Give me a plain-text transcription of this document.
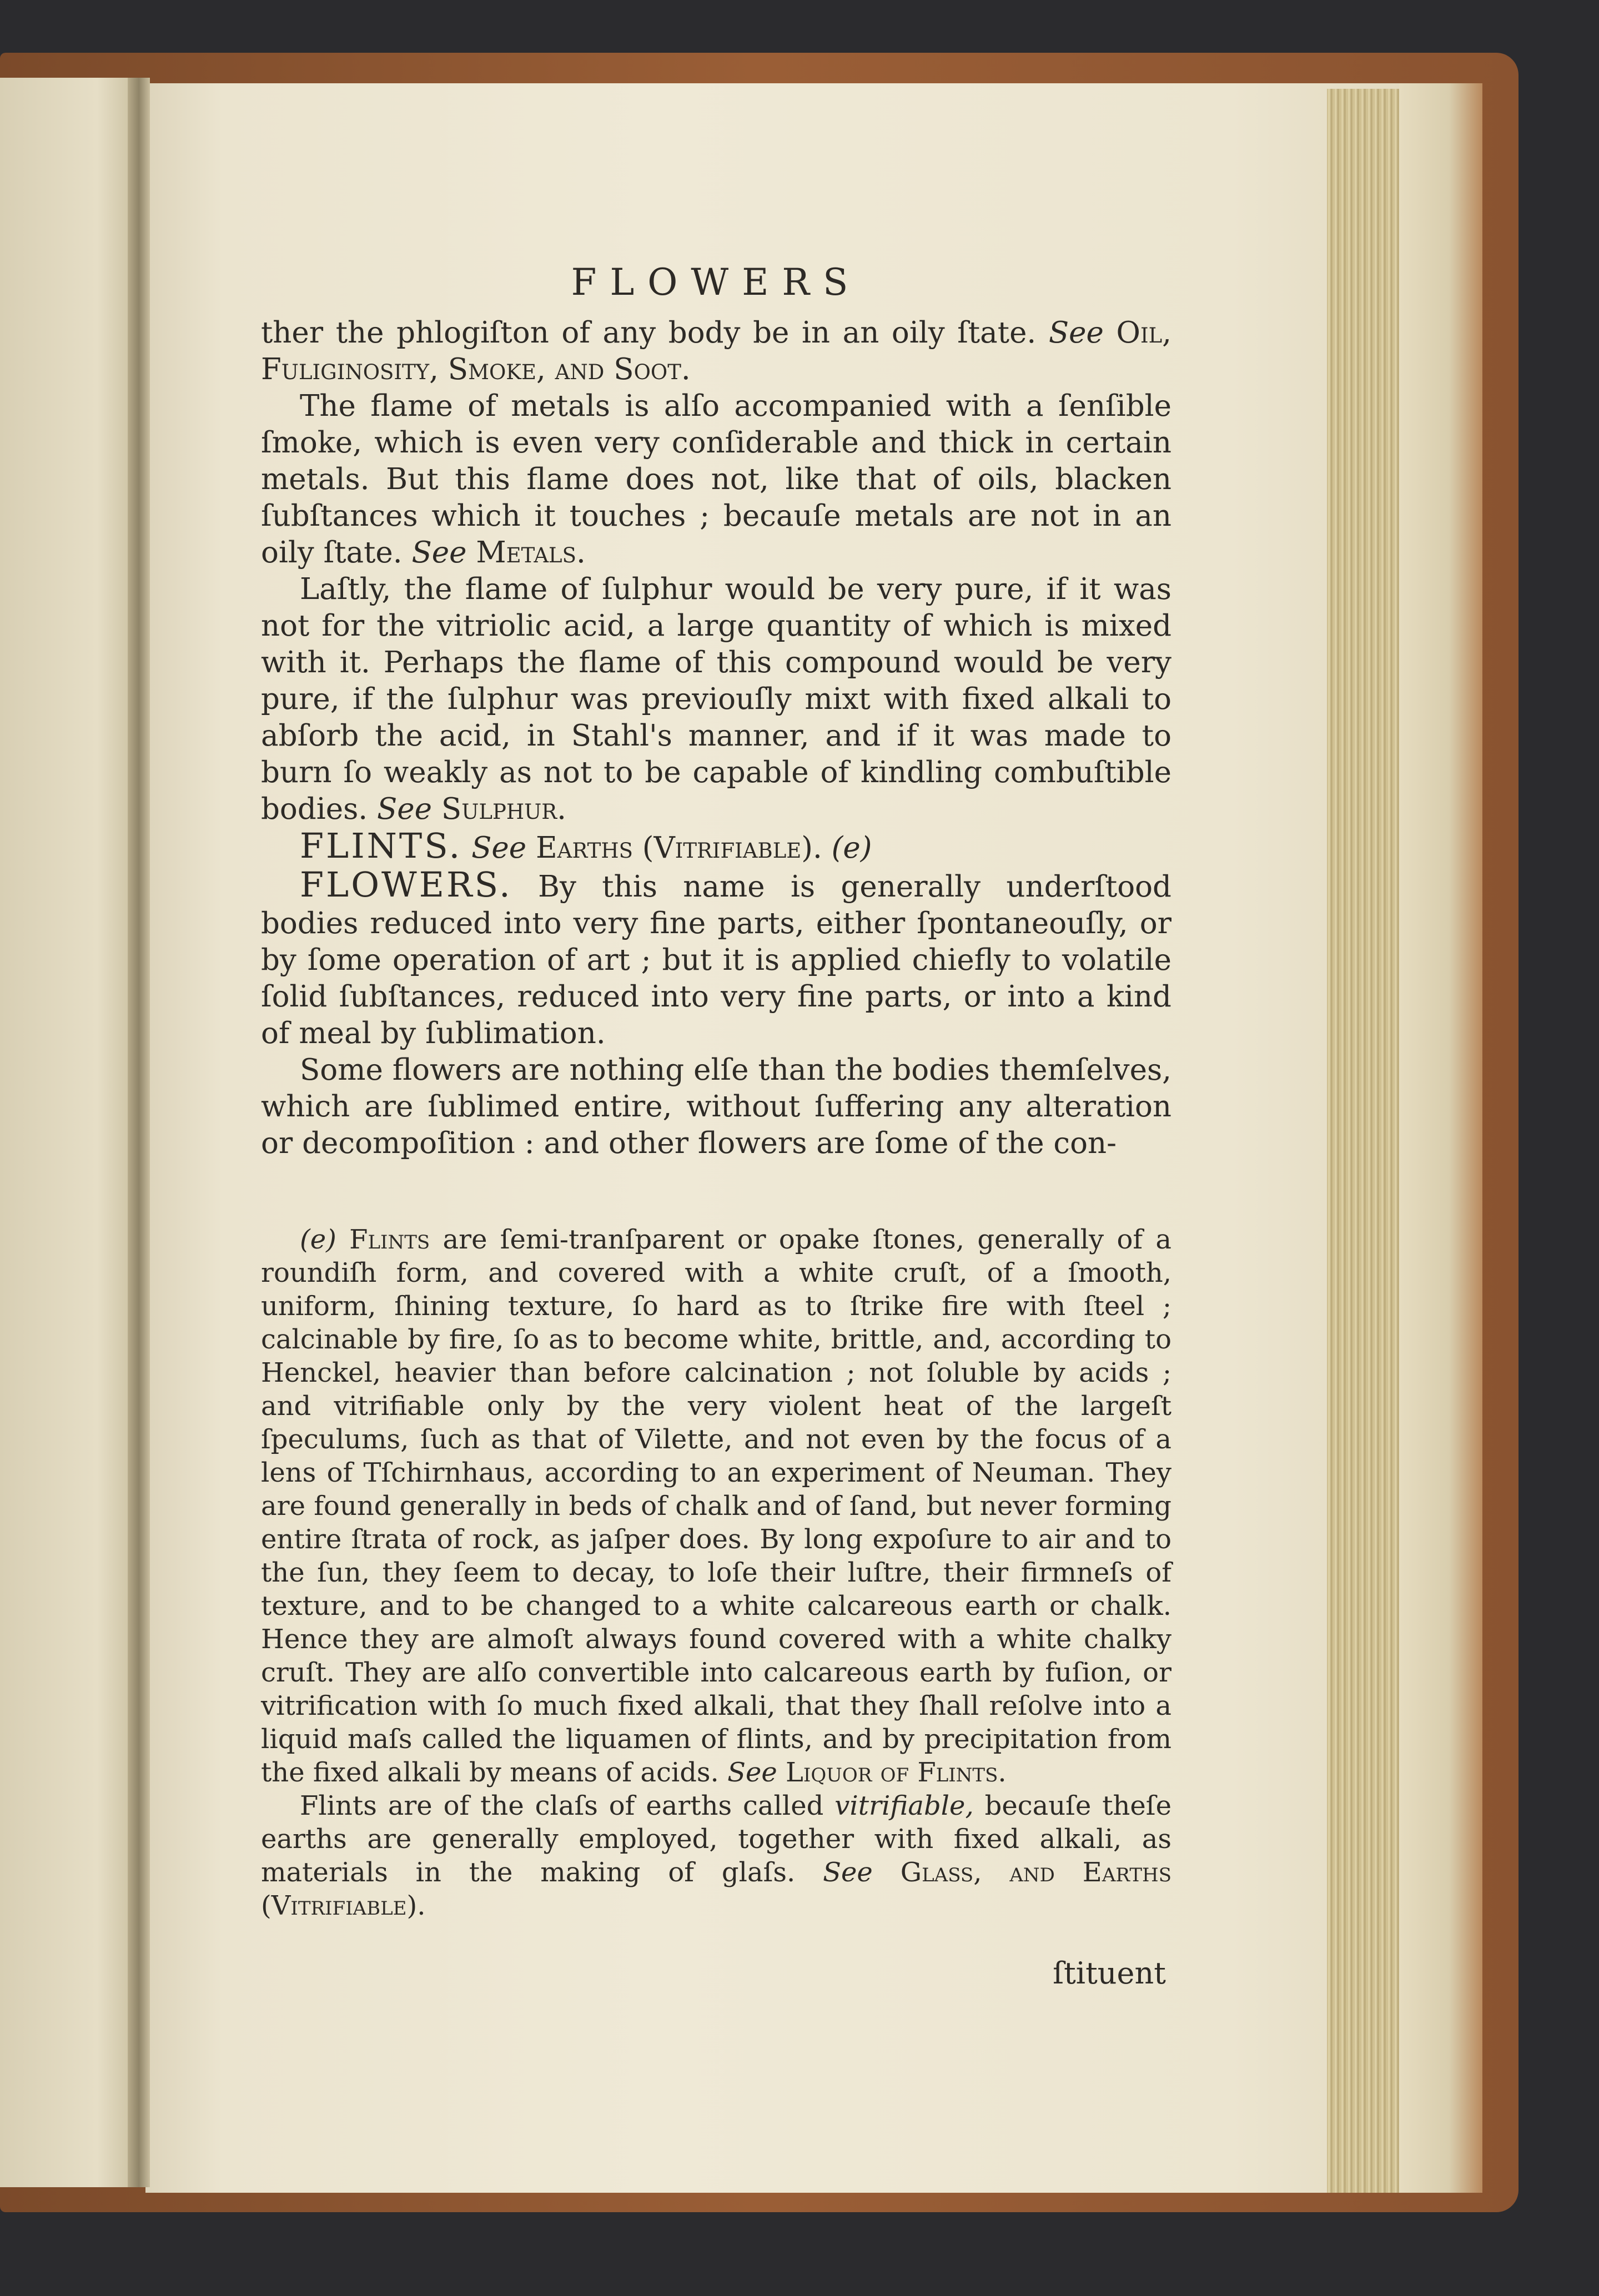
FLOWERS

ther the phlogiſton of any body be in an oily ſtate. See Oil, Fuliginosity, Smoke, and Soot.

The flame of metals is alſo accompanied with a ſenſible ſmoke, which is even very conſiderable and thick in certain metals. But this flame does not, like that of oils, blacken ſubſtances which it touches ; becauſe metals are not in an oily ſtate. See Metals.

Laſtly, the flame of ſulphur would be very pure, if it was not for the vitriolic acid, a large quantity of which is mixed with it. Perhaps the flame of this compound would be very pure, if the ſulphur was previouſly mixt with fixed alkali to abſorb the acid, in Stahl's manner, and if it was made to burn ſo weakly as not to be capable of kindling combuſtible bodies. See Sulphur.

FLINTS. See Earths (Vitrifiable). (e)

FLOWERS. By this name is generally underſtood bodies reduced into very fine parts, either ſpontaneouſly, or by ſome operation of art ; but it is applied chiefly to volatile ſolid ſubſtances, reduced into very fine parts, or into a kind of meal by ſublimation.

Some flowers are nothing elſe than the bodies themſelves, which are ſublimed entire, without ſuffering any alteration or decompoſition : and other flowers are ſome of the con-

(e) Flints are ſemi-tranſparent or opake ſtones, generally of a roundiſh form, and covered with a white cruſt, of a ſmooth, uniform, ſhining texture, ſo hard as to ſtrike fire with ſteel ; calcinable by fire, ſo as to become white, brittle, and, according to Henckel, heavier than before calcination ; not ſoluble by acids ; and vitrifiable only by the very violent heat of the largeſt ſpeculums, ſuch as that of Vilette, and not even by the focus of a lens of Tſchirnhaus, according to an experiment of Neuman. They are found generally in beds of chalk and of ſand, but never forming entire ſtrata of rock, as jaſper does. By long expoſure to air and to the ſun, they ſeem to decay, to loſe their luſtre, their firmneſs of texture, and to be changed to a white calcareous earth or chalk. Hence they are almoſt always found covered with a white chalky cruſt. They are alſo convertible into calcareous earth by fuſion, or vitrification with ſo much fixed alkali, that they ſhall reſolve into a liquid maſs called the liquamen of flints, and by precipitation from the fixed alkali by means of acids. See Liquor of Flints.

Flints are of the claſs of earths called vitrifiable, becauſe theſe earths are generally employed, together with fixed alkali, as materials in the making of glaſs. See Glass, and Earths (Vitrifiable).

ſtituent
